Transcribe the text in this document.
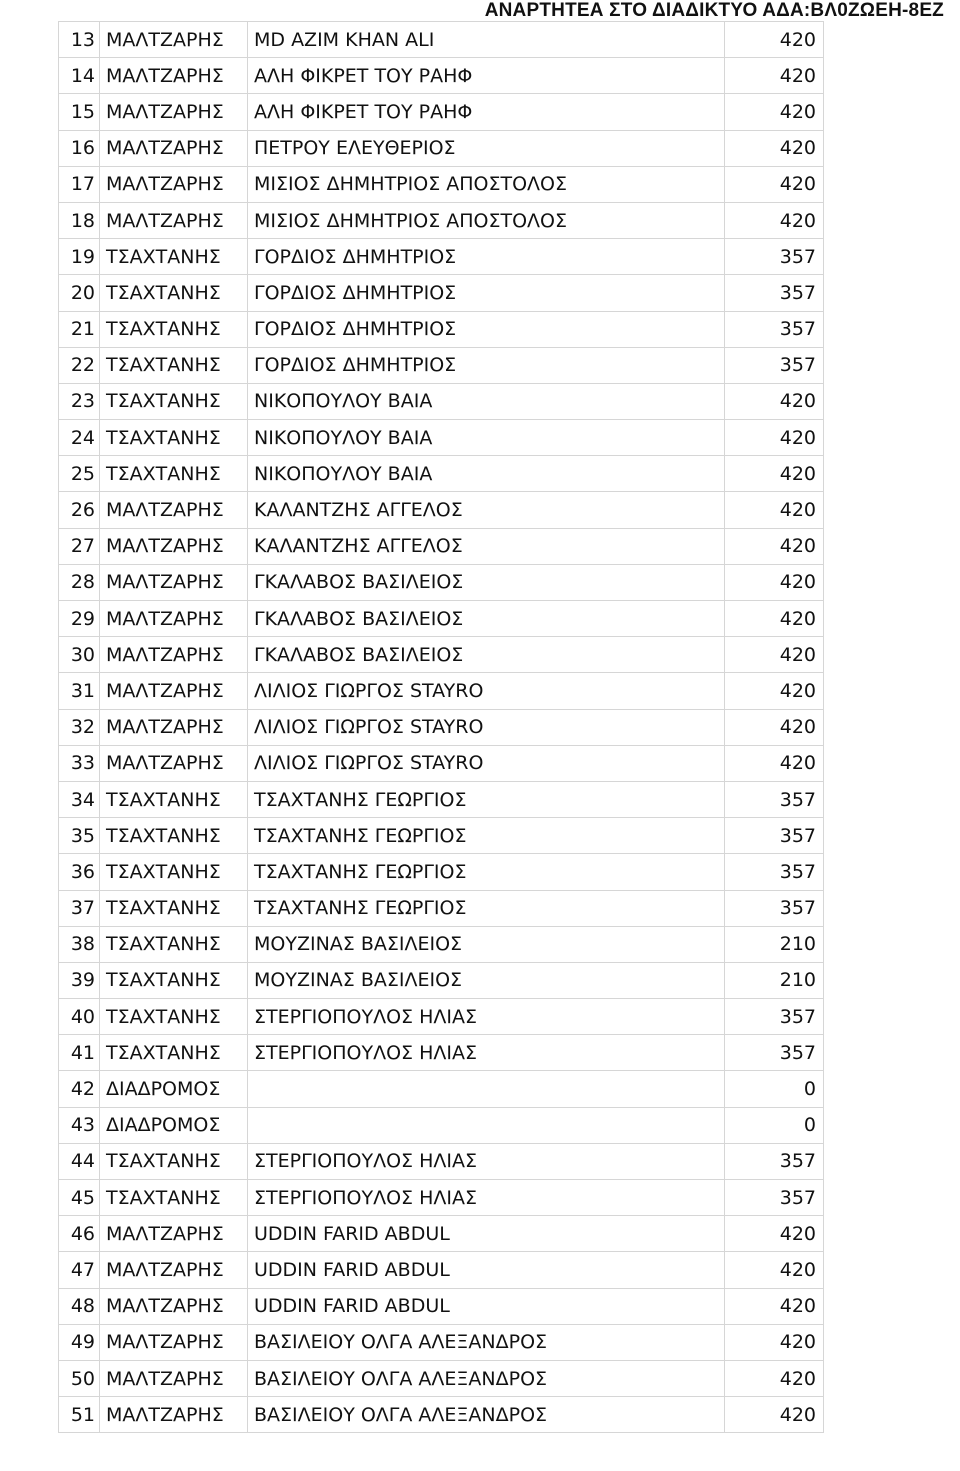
ΑΝΑΡΤΗΤΕΑ ΣΤΟ ΔΙΑΔΙΚΤΥΟ ΑΔΑ:ΒΛ0ΖΩΕΗ-8ΕΖ
13	ΜΑΛΤΖΑΡΗΣ	MD AZIM KHAN ALI	420
14	ΜΑΛΤΖΑΡΗΣ	ΑΛΗ ΦΙΚΡΕΤ ΤΟΥ ΡΑΗΦ	420
15	ΜΑΛΤΖΑΡΗΣ	ΑΛΗ ΦΙΚΡΕΤ ΤΟΥ ΡΑΗΦ	420
16	ΜΑΛΤΖΑΡΗΣ	ΠΕΤΡΟΥ ΕΛΕΥΘΕΡΙΟΣ	420
17	ΜΑΛΤΖΑΡΗΣ	ΜΙΣΙΟΣ ΔΗΜΗΤΡΙΟΣ ΑΠΟΣΤΟΛΟΣ	420
18	ΜΑΛΤΖΑΡΗΣ	ΜΙΣΙΟΣ ΔΗΜΗΤΡΙΟΣ ΑΠΟΣΤΟΛΟΣ	420
19	ΤΣΑΧΤΑΝΗΣ	ΓΟΡΔΙΟΣ ΔΗΜΗΤΡΙΟΣ	357
20	ΤΣΑΧΤΑΝΗΣ	ΓΟΡΔΙΟΣ ΔΗΜΗΤΡΙΟΣ	357
21	ΤΣΑΧΤΑΝΗΣ	ΓΟΡΔΙΟΣ ΔΗΜΗΤΡΙΟΣ	357
22	ΤΣΑΧΤΑΝΗΣ	ΓΟΡΔΙΟΣ ΔΗΜΗΤΡΙΟΣ	357
23	ΤΣΑΧΤΑΝΗΣ	ΝΙΚΟΠΟΥΛΟΥ ΒΑΙΑ	420
24	ΤΣΑΧΤΑΝΗΣ	ΝΙΚΟΠΟΥΛΟΥ ΒΑΙΑ	420
25	ΤΣΑΧΤΑΝΗΣ	ΝΙΚΟΠΟΥΛΟΥ ΒΑΙΑ	420
26	ΜΑΛΤΖΑΡΗΣ	ΚΑΛΑΝΤΖΗΣ ΑΓΓΕΛΟΣ	420
27	ΜΑΛΤΖΑΡΗΣ	ΚΑΛΑΝΤΖΗΣ ΑΓΓΕΛΟΣ	420
28	ΜΑΛΤΖΑΡΗΣ	ΓΚΑΛΑΒΟΣ ΒΑΣΙΛΕΙΟΣ	420
29	ΜΑΛΤΖΑΡΗΣ	ΓΚΑΛΑΒΟΣ ΒΑΣΙΛΕΙΟΣ	420
30	ΜΑΛΤΖΑΡΗΣ	ΓΚΑΛΑΒΟΣ ΒΑΣΙΛΕΙΟΣ	420
31	ΜΑΛΤΖΑΡΗΣ	ΛΙΛΙΟΣ ΓΙΩΡΓΟΣ STAYRO	420
32	ΜΑΛΤΖΑΡΗΣ	ΛΙΛΙΟΣ ΓΙΩΡΓΟΣ STAYRO	420
33	ΜΑΛΤΖΑΡΗΣ	ΛΙΛΙΟΣ ΓΙΩΡΓΟΣ STAYRO	420
34	ΤΣΑΧΤΑΝΗΣ	ΤΣΑΧΤΑΝΗΣ ΓΕΩΡΓΙΟΣ	357
35	ΤΣΑΧΤΑΝΗΣ	ΤΣΑΧΤΑΝΗΣ ΓΕΩΡΓΙΟΣ	357
36	ΤΣΑΧΤΑΝΗΣ	ΤΣΑΧΤΑΝΗΣ ΓΕΩΡΓΙΟΣ	357
37	ΤΣΑΧΤΑΝΗΣ	ΤΣΑΧΤΑΝΗΣ ΓΕΩΡΓΙΟΣ	357
38	ΤΣΑΧΤΑΝΗΣ	ΜΟΥΖΙΝΑΣ ΒΑΣΙΛΕΙΟΣ	210
39	ΤΣΑΧΤΑΝΗΣ	ΜΟΥΖΙΝΑΣ ΒΑΣΙΛΕΙΟΣ	210
40	ΤΣΑΧΤΑΝΗΣ	ΣΤΕΡΓΙΟΠΟΥΛΟΣ ΗΛΙΑΣ	357
41	ΤΣΑΧΤΑΝΗΣ	ΣΤΕΡΓΙΟΠΟΥΛΟΣ ΗΛΙΑΣ	357
42	ΔΙΑΔΡΟΜΟΣ		0
43	ΔΙΑΔΡΟΜΟΣ		0
44	ΤΣΑΧΤΑΝΗΣ	ΣΤΕΡΓΙΟΠΟΥΛΟΣ ΗΛΙΑΣ	357
45	ΤΣΑΧΤΑΝΗΣ	ΣΤΕΡΓΙΟΠΟΥΛΟΣ ΗΛΙΑΣ	357
46	ΜΑΛΤΖΑΡΗΣ	UDDIN FARID ABDUL	420
47	ΜΑΛΤΖΑΡΗΣ	UDDIN FARID ABDUL	420
48	ΜΑΛΤΖΑΡΗΣ	UDDIN FARID ABDUL	420
49	ΜΑΛΤΖΑΡΗΣ	ΒΑΣΙΛΕΙΟΥ ΟΛΓΑ ΑΛΕΞΑΝΔΡΟΣ	420
50	ΜΑΛΤΖΑΡΗΣ	ΒΑΣΙΛΕΙΟΥ ΟΛΓΑ ΑΛΕΞΑΝΔΡΟΣ	420
51	ΜΑΛΤΖΑΡΗΣ	ΒΑΣΙΛΕΙΟΥ ΟΛΓΑ ΑΛΕΞΑΝΔΡΟΣ	420
